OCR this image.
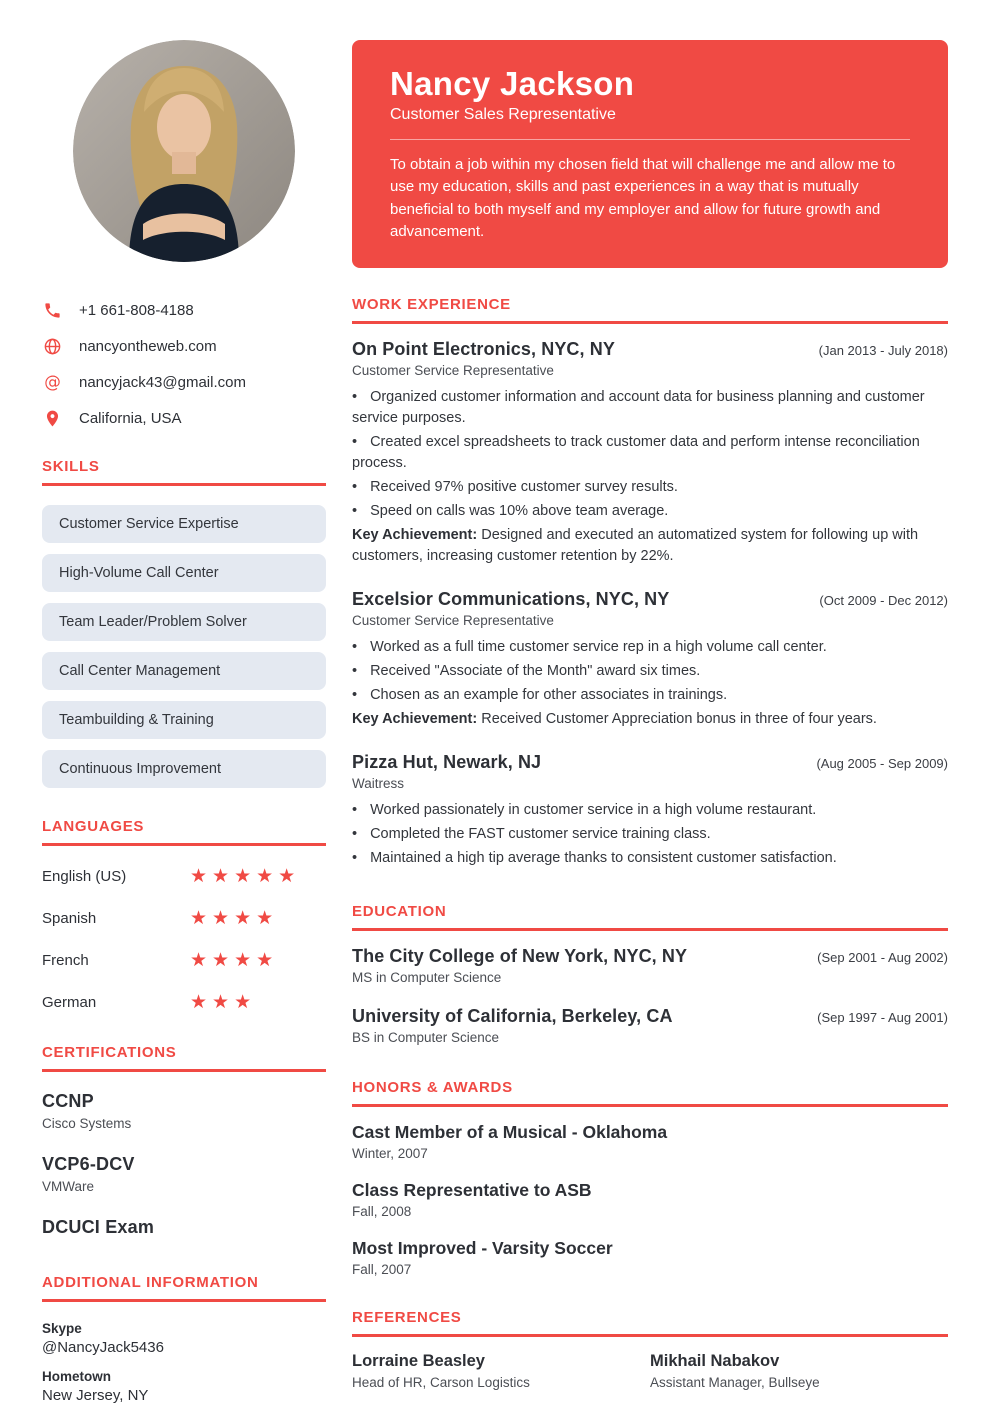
+1 661-808-4188
nancyontheweb.com
@ nancyjack43@gmail.com
California, USA
SKILLS
Customer Service Expertise
High-Volume Call Center
Team Leader/Problem Solver
Call Center Management
Teambuilding & Training
Continuous Improvement
LANGUAGES
English (US)	★★★★★
Spanish	★★★★
French	★★★★
German	★★★
CERTIFICATIONS
CCNP
Cisco Systems
VCP6-DCV
VMWare
DCUCI Exam
ADDITIONAL INFORMATION
Skype
@NancyJack5436
Hometown
New Jersey, NY
Nancy Jackson
Customer Sales Representative
To obtain a job within my chosen field that will challenge me and allow me to use my education, skills and past experiences in a way that is mutually beneficial to both myself and my employer and allow for future growth and advancement.
WORK EXPERIENCE
On Point Electronics, NYC, NY	(Jan 2013 - July 2018)
Customer Service Representative
• Organized customer information and account data for business planning and customer service purposes.
• Created excel spreadsheets to track customer data and perform intense reconciliation process.
• Received 97% positive customer survey results.
• Speed on calls was 10% above team average.
Key Achievement: Designed and executed an automatized system for following up with customers, increasing customer retention by 22%.
Excelsior Communications, NYC, NY	(Oct 2009 - Dec 2012)
Customer Service Representative
• Worked as a full time customer service rep in a high volume call center.
• Received "Associate of the Month" award six times.
• Chosen as an example for other associates in trainings.
Key Achievement: Received Customer Appreciation bonus in three of four years.
Pizza Hut, Newark, NJ	(Aug 2005 - Sep 2009)
Waitress
• Worked passionately in customer service in a high volume restaurant.
• Completed the FAST customer service training class.
• Maintained a high tip average thanks to consistent customer satisfaction.
EDUCATION
The City College of New York, NYC, NY	(Sep 2001 - Aug 2002)
MS in Computer Science
University of California, Berkeley, CA	(Sep 1997 - Aug 2001)
BS in Computer Science
HONORS & AWARDS
Cast Member of a Musical - Oklahoma
Winter, 2007
Class Representative to ASB
Fall, 2008
Most Improved - Varsity Soccer
Fall, 2007
REFERENCES
Lorraine Beasley
Head of HR, Carson Logistics
Mikhail Nabakov
Assistant Manager, Bullseye
